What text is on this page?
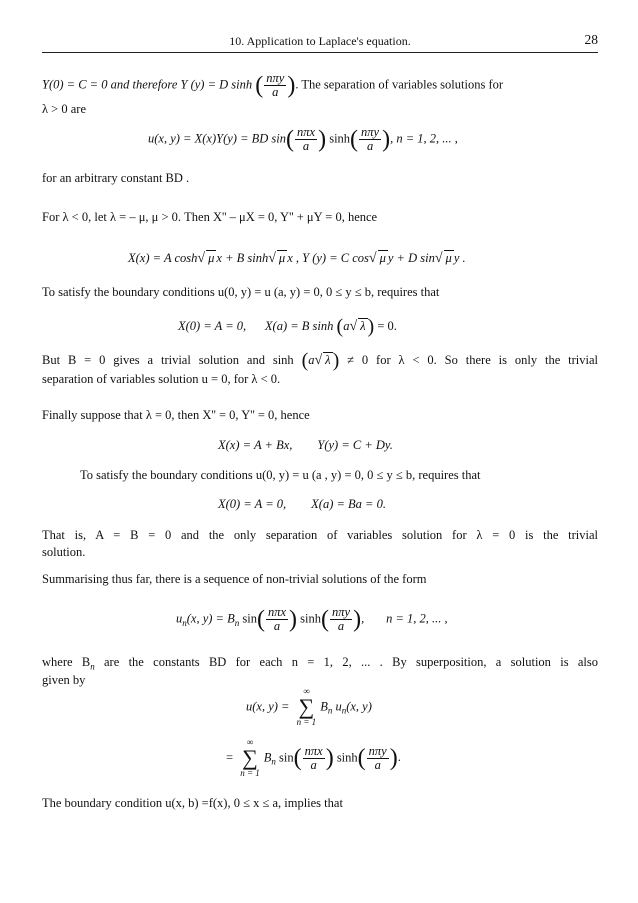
10. Application to Laplace's equation.	28
Y(0) = C = 0 and therefore Y (y) = D sinh ( $\frac{\text{nπy}}{a}$ ). The separation of variables solutions for
λ > 0 are
u(x, y) = X(x)Y(y) = BD $\sin( \frac{\text{nπx}}{a}$ ) $\sinh( \frac{\text{nπy}}{a}$ ), n = 1, 2, ... ,
for an arbitrary constant BD .
For λ < 0, let λ = – μ, μ > 0. Then X'' – μX = 0, Y'' + μY = 0, hence
X(x) = A cosh√ μ x + B sinh√ μ x , Y (y) = C cos√ μ y + D sin√ μ y .
To satisfy the boundary conditions u(0, y) = u (a, y) = 0, 0 ≤ y ≤ b, requires that
X(0) = A = 0,      X(a) = B sinh (a√ λ ) = 0.
But B = 0 gives a trivial solution and sinh (a√ λ ) ≠ 0 for λ < 0. So there is only the trivial
separation of variables solution u = 0, for λ < 0.
Finally suppose that λ = 0, then X'' = 0, Y'' = 0, hence
X(x) = A + Bx,        Y(y) = C + Dy.
To satisfy the boundary conditions u(0, y) = u (a , y) = 0, 0 ≤ y ≤ b, requires that
X(0) = A = 0,        X(a) = Ba = 0.
That is, A = B = 0 and the only separation of variables solution for λ = 0 is the trivial
solution.
Summarising thus far, there is a sequence of non-trivial solutions of the form
$u_n(x$, $y) = B_n$ $\sin( \frac{\text{nπx}}{a}$ ) $\sinh( \frac{\text{nπy}}{a}$ ),       n = 1, 2, ... ,
where $B_n$ are the constants BD for each n = 1, 2, ... . By superposition, a solution is also
given by
u(x, y) =
∞
∑
n = 1
$B_n$ $u_n(x$, y)
=
∞
∑
n = 1
$B_n$ $\sin( \frac{\text{nπx}}{a}$ ) $\sinh( \frac{\text{nπy}}{a}$ ).
The boundary condition u(x, b) =f(x), 0 ≤ x ≤ a, implies that
